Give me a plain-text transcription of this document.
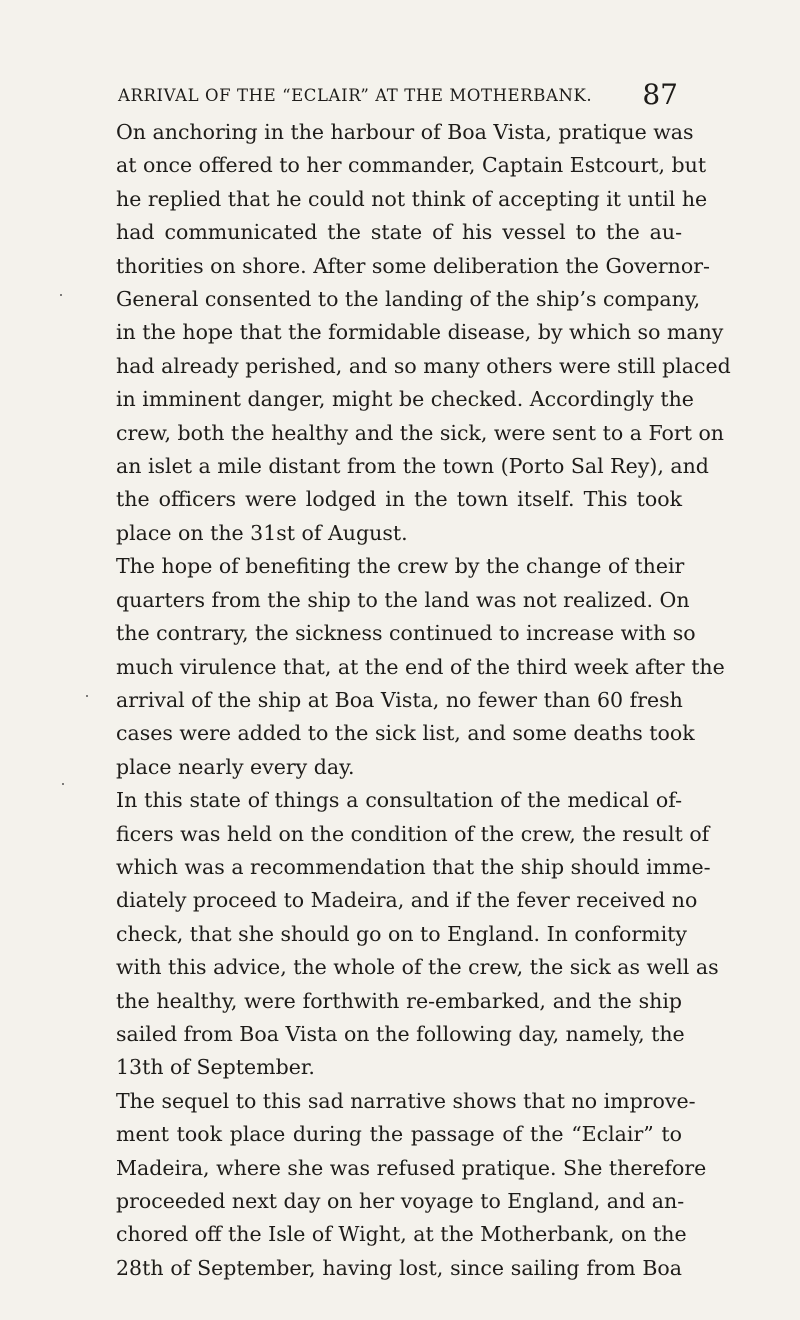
ARRIVAL OF THE “ECLAIR” AT THE MOTHERBANK. 87
On anchoring in the harbour of Boa Vista, pratique was
at once offered to her commander, Captain Estcourt, but
he replied that he could not think of accepting it until he
had communicated the state of his vessel to the au-
thorities on shore. After some deliberation the Governor-
General consented to the landing of the ship’s company,
in the hope that the formidable disease, by which so many
had already perished, and so many others were still placed
in imminent danger, might be checked. Accordingly the
crew, both the healthy and the sick, were sent to a Fort on
an islet a mile distant from the town (Porto Sal Rey), and
the officers were lodged in the town itself. This took
place on the 31st of August.
The hope of benefiting the crew by the change of their
quarters from the ship to the land was not realized. On
the contrary, the sickness continued to increase with so
much virulence that, at the end of the third week after the
arrival of the ship at Boa Vista, no fewer than 60 fresh
cases were added to the sick list, and some deaths took
place nearly every day.
In this state of things a consultation of the medical of-
ficers was held on the condition of the crew, the result of
which was a recommendation that the ship should imme-
diately proceed to Madeira, and if the fever received no
check, that she should go on to England. In conformity
with this advice, the whole of the crew, the sick as well as
the healthy, were forthwith re-embarked, and the ship
sailed from Boa Vista on the following day, namely, the
13th of September.
The sequel to this sad narrative shows that no improve-
ment took place during the passage of the “Eclair” to
Madeira, where she was refused pratique. She therefore
proceeded next day on her voyage to England, and an-
chored off the Isle of Wight, at the Motherbank, on the
28th of September, having lost, since sailing from Boa
